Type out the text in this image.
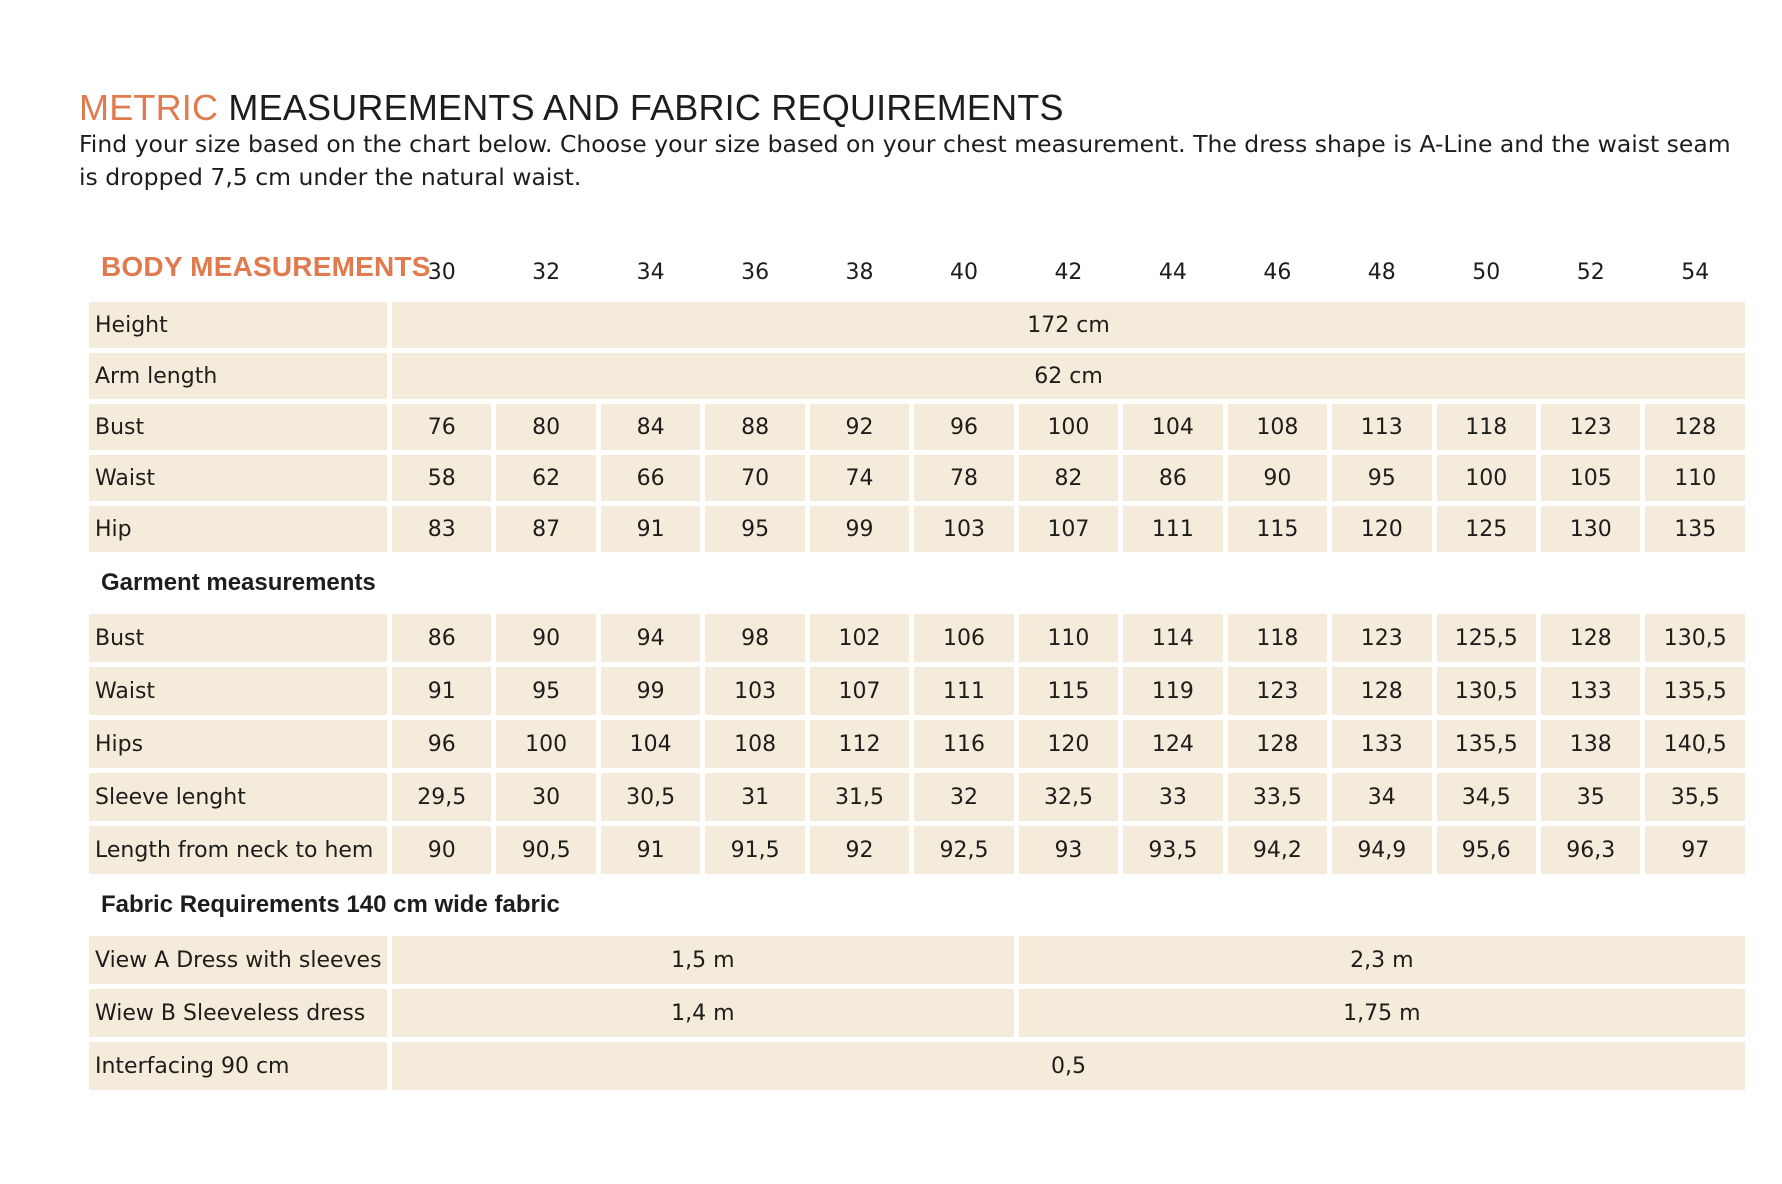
METRIC MEASUREMENTS AND FABRIC REQUIREMENTS

Find your size based on the chart below. Choose your size based on your chest measurement. The dress shape is A-Line and the waist seam is dropped 7,5 cm under the natural waist.

BODY MEASUREMENTS	30	32	34	36	38	40	42	44	46	48	50	52	54
Height	172 cm												
Arm length	62 cm												
Bust	76	80	84	88	92	96	100	104	108	113	118	123	128
Waist	58	62	66	70	74	78	82	86	90	95	100	105	110
Hip	83	87	91	95	99	103	107	111	115	120	125	130	135
Garment measurements													
Bust	86	90	94	98	102	106	110	114	118	123	125,5	128	130,5
Waist	91	95	99	103	107	111	115	119	123	128	130,5	133	135,5
Hips	96	100	104	108	112	116	120	124	128	133	135,5	138	140,5
Sleeve lenght	29,5	30	30,5	31	31,5	32	32,5	33	33,5	34	34,5	35	35,5
Length from neck to hem	90	90,5	91	91,5	92	92,5	93	93,5	94,2	94,9	95,6	96,3	97
Fabric Requirements 140 cm wide fabric													
View A Dress with sleeves	1,5 m						2,3 m						
Wiew B Sleeveless dress	1,4 m						1,75 m						
Interfacing 90 cm	0,5												
